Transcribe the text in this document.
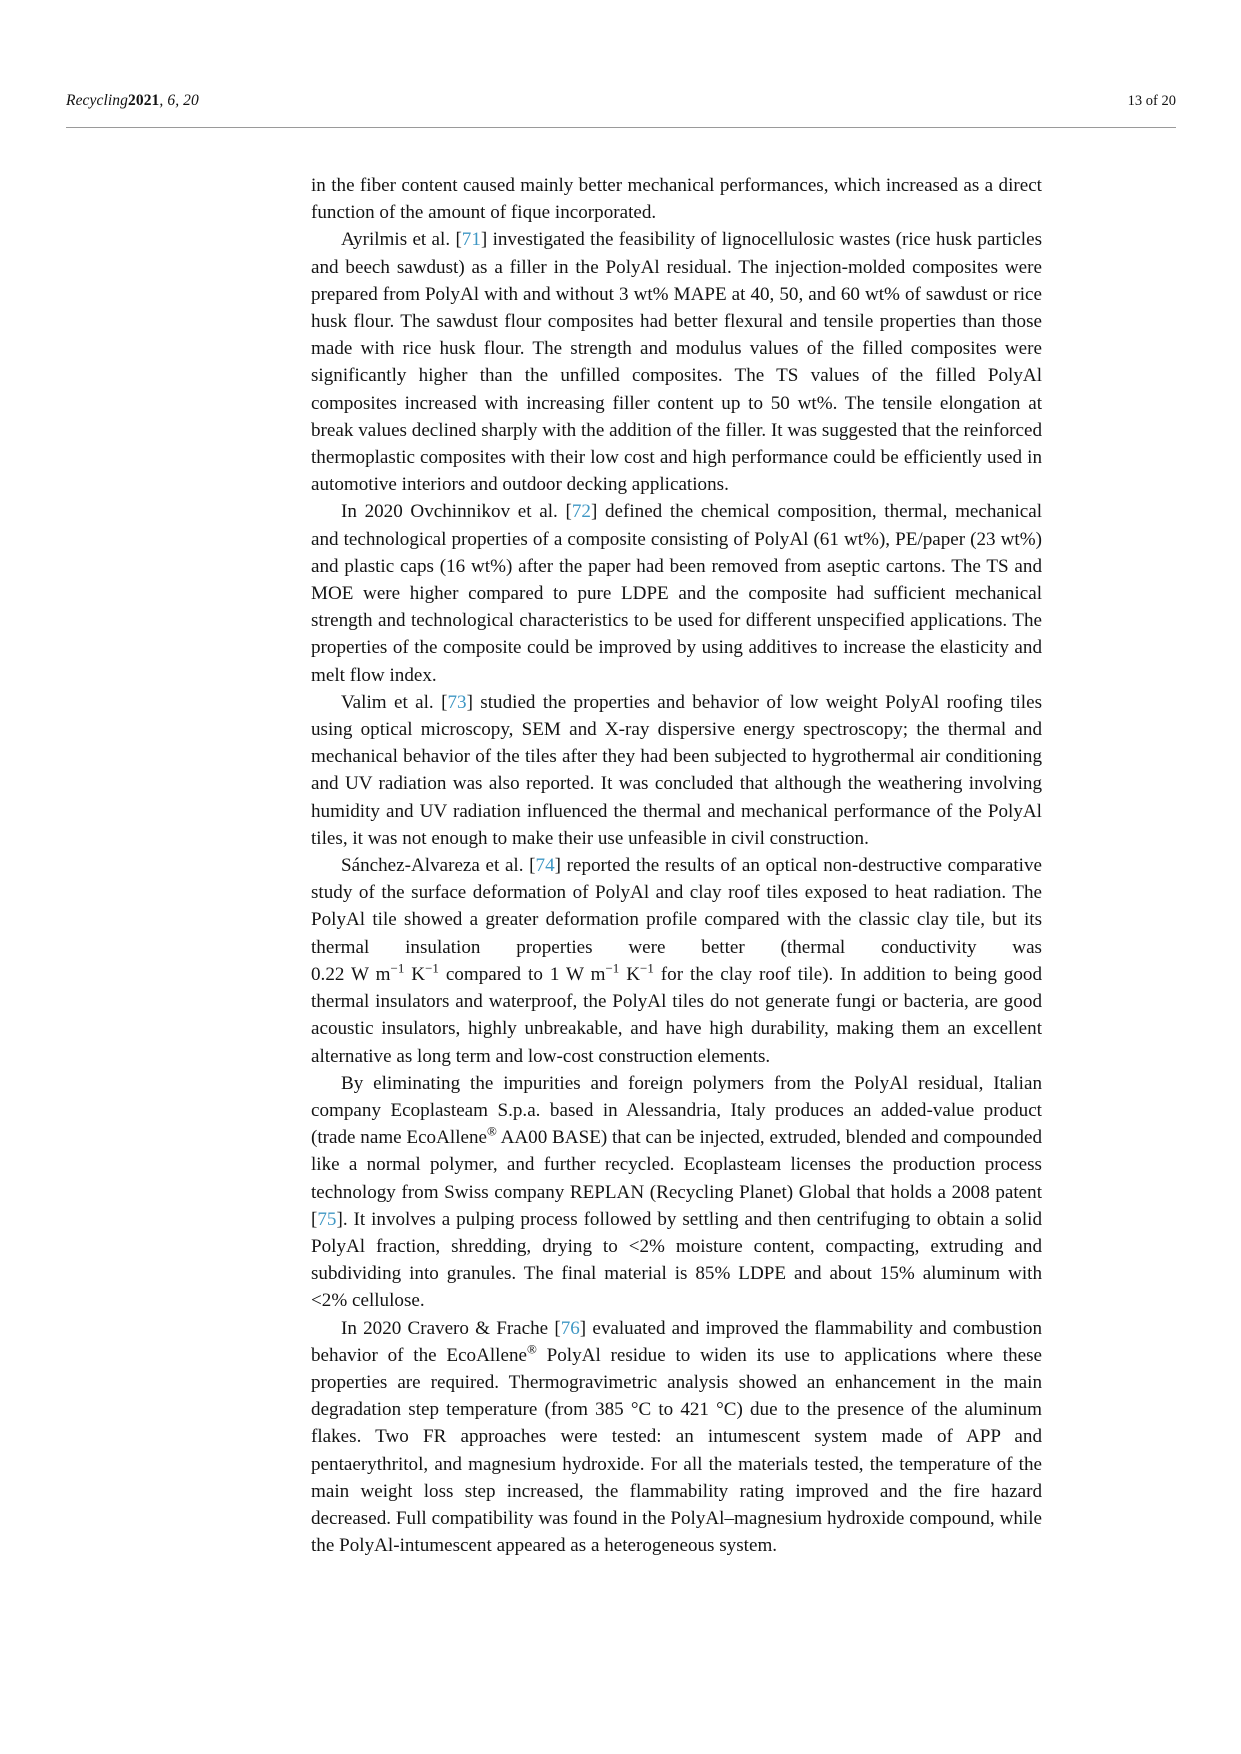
Recycling2021, 6, 20	13 of 20

in the fiber content caused mainly better mechanical performances, which increased as a direct function of the amount of fique incorporated.

Ayrilmis et al. [71] investigated the feasibility of lignocellulosic wastes (rice husk particles and beech sawdust) as a filler in the PolyAl residual. The injection-molded composites were prepared from PolyAl with and without 3 wt% MAPE at 40, 50, and 60 wt% of sawdust or rice husk flour. The sawdust flour composites had better flexural and tensile properties than those made with rice husk flour. The strength and modulus values of the filled composites were significantly higher than the unfilled composites. The TS values of the filled PolyAl composites increased with increasing filler content up to 50 wt%. The tensile elongation at break values declined sharply with the addition of the filler. It was suggested that the reinforced thermoplastic composites with their low cost and high performance could be efficiently used in automotive interiors and outdoor decking applications.

In 2020 Ovchinnikov et al. [72] defined the chemical composition, thermal, mechanical and technological properties of a composite consisting of PolyAl (61 wt%), PE/paper (23 wt%) and plastic caps (16 wt%) after the paper had been removed from aseptic cartons. The TS and MOE were higher compared to pure LDPE and the composite had sufficient mechanical strength and technological characteristics to be used for different unspecified applications. The properties of the composite could be improved by using additives to increase the elasticity and melt flow index.

Valim et al. [73] studied the properties and behavior of low weight PolyAl roofing tiles using optical microscopy, SEM and X-ray dispersive energy spectroscopy; the thermal and mechanical behavior of the tiles after they had been subjected to hygrothermal air conditioning and UV radiation was also reported. It was concluded that although the weathering involving humidity and UV radiation influenced the thermal and mechanical performance of the PolyAl tiles, it was not enough to make their use unfeasible in civil construction.

Sánchez-Alvareza et al. [74] reported the results of an optical non-destructive comparative study of the surface deformation of PolyAl and clay roof tiles exposed to heat radiation. The PolyAl tile showed a greater deformation profile compared with the classic clay tile, but its thermal insulation properties were better (thermal conductivity was 0.22 W $m^{-1}$ $K^{-1}$ compared to 1 W $m^{-1}$ $K^{-1}$ for the clay roof tile). In addition to being good thermal insulators and waterproof, the PolyAl tiles do not generate fungi or bacteria, are good acoustic insulators, highly unbreakable, and have high durability, making them an excellent alternative as long term and low-cost construction elements.

By eliminating the impurities and foreign polymers from the PolyAl residual, Italian company Ecoplasteam S.p.a. based in Alessandria, Italy produces an added-value product (trade name EcoAllene® AA00 BASE) that can be injected, extruded, blended and compounded like a normal polymer, and further recycled. Ecoplasteam licenses the production process technology from Swiss company REPLAN (Recycling Planet) Global that holds a 2008 patent [75]. It involves a pulping process followed by settling and then centrifuging to obtain a solid PolyAl fraction, shredding, drying to <2% moisture content, compacting, extruding and subdividing into granules. The final material is 85% LDPE and about 15% aluminum with <2% cellulose.

In 2020 Cravero & Frache [76] evaluated and improved the flammability and combustion behavior of the EcoAllene® PolyAl residue to widen its use to applications where these properties are required. Thermogravimetric analysis showed an enhancement in the main degradation step temperature (from 385 °C to 421 °C) due to the presence of the aluminum flakes. Two FR approaches were tested: an intumescent system made of APP and pentaerythritol, and magnesium hydroxide. For all the materials tested, the temperature of the main weight loss step increased, the flammability rating improved and the fire hazard decreased. Full compatibility was found in the PolyAl–magnesium hydroxide compound, while the PolyAl-intumescent appeared as a heterogeneous system.
